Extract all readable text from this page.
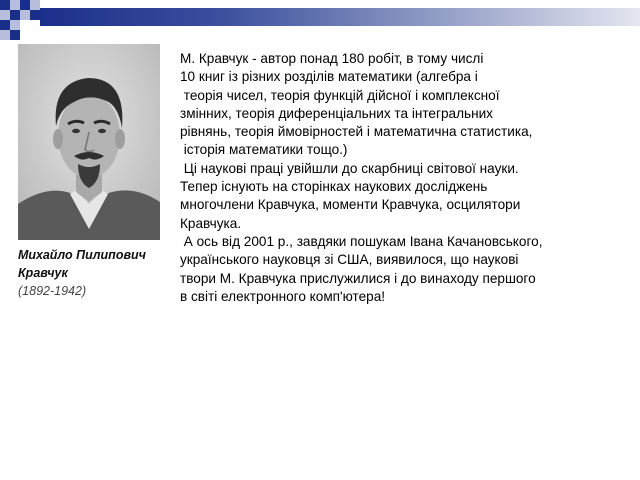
Михайло Пилипович
Кравчук
(1892-1942)
М. Кравчук - автор понад 180 робіт, в тому числі
10 книг із різних розділів математики (алгебра і
теорія чисел, теорія функцій дійсної і комплексної
змінних, теорія диференціальних та інтегральних
рівнянь, теорія ймовірностей і математична статистика,
історія математики тощо.)
Ці наукові праці увійшли до скарбниці світової науки.
Тепер існують на сторінках наукових досліджень
многочлени Кравчука, моменти Кравчука, осцилятори
Кравчука.
А ось від 2001 р., завдяки пошукам Івана Качановського,
українського науковця зі США, виявилося, що наукові
твори М. Кравчука прислужилися і до винаходу першого
в світі електронного комп'ютера!
